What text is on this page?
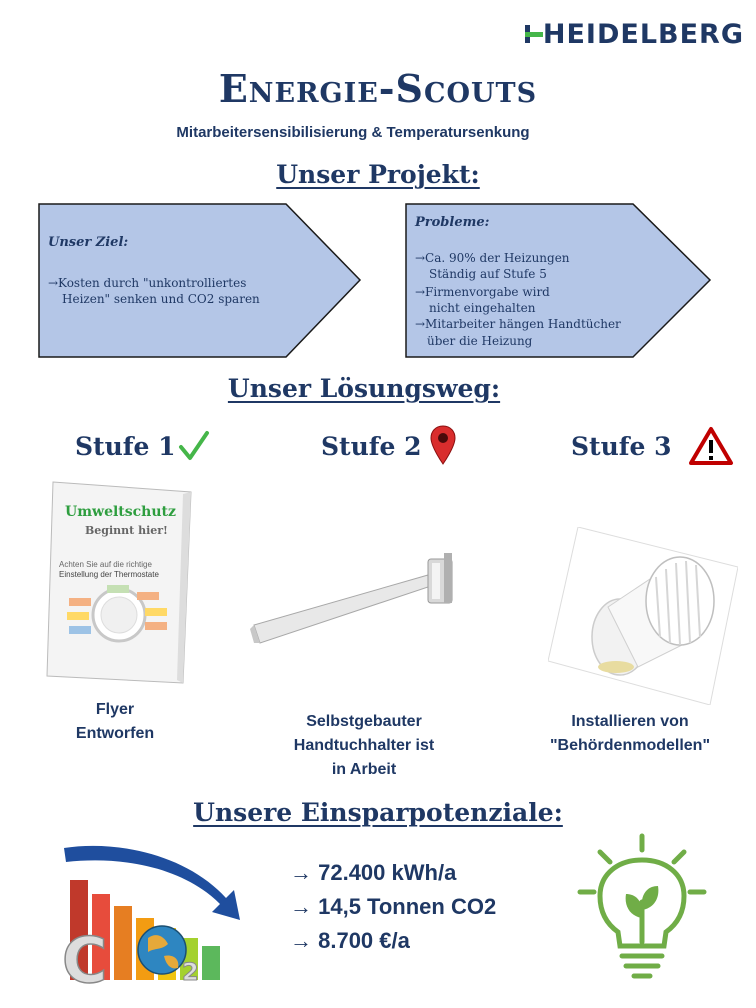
HEIDELBERG
Energie-Scouts
Mitarbeitersensibilisierung & Temperatursenkung
Unser Projekt:
Unser Ziel:
→Kosten durch "unkontrolliertes
Heizen" senken und CO2 sparen
Probleme:
→Ca. 90% der Heizungen
Ständig auf Stufe 5
→Firmenvorgabe wird
nicht eingehalten
→Mitarbeiter hängen Handtücher
über die Heizung
Unser Lösungsweg:
Stufe 1	Stufe 2	Stufe 3
Umweltschutz
Beginnt hier!
Achten Sie auf die richtige
Einstellung der Thermostate
Flyer
Entworfen
Selbstgebauter
Handtuchhalter ist
in Arbeit
Installieren von
"Behördenmodellen"
Unsere Einsparpotenziale:
C	2
→ 72.400 kWh/a
→ 14,5 Tonnen CO2
→ 8.700 €/a
